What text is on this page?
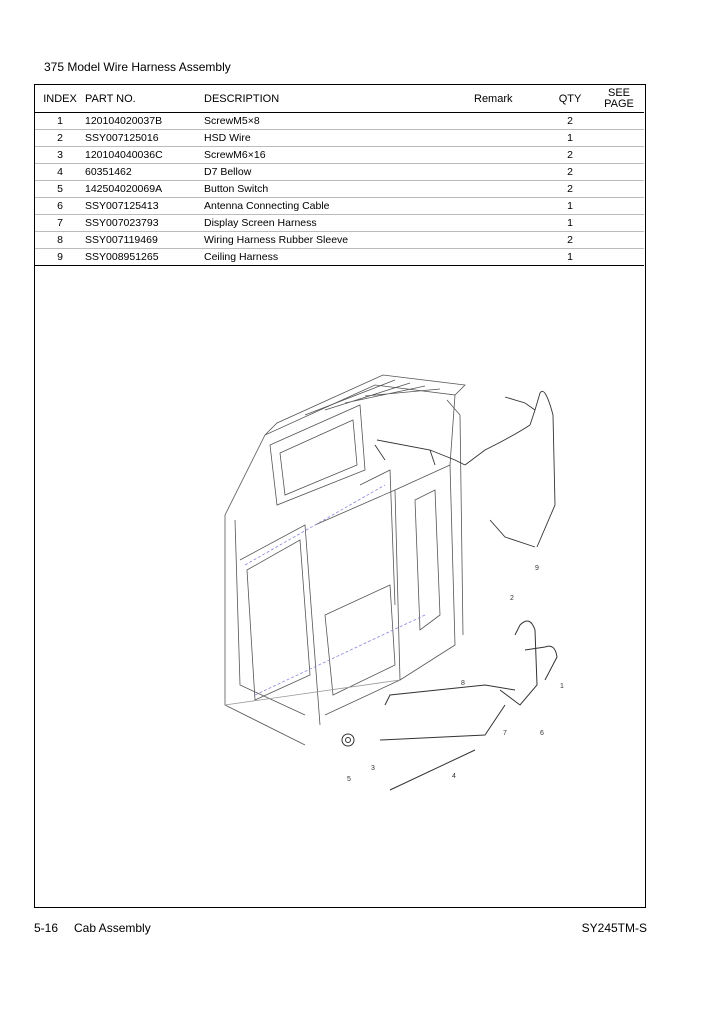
375 Model Wire Harness Assembly
INDEX	PART NO.	DESCRIPTION	Remark	QTY	SEE
PAGE
1	120104020037B	ScrewM5×8		2	
2	SSY007125016	HSD Wire		1	
3	120104040036C	ScrewM6×16		2	
4	60351462	D7 Bellow		2	
5	142504020069A	Button Switch		2	
6	SSY007125413	Antenna Connecting Cable		1	
7	SSY007023793	Display Screen Harness		1	
8	SSY007119469	Wiring Harness Rubber Sleeve		2	
9	SSY008951265	Ceiling Harness		1	
9
2
1
8
7	6
3
4
5
5-16 Cab Assembly	SY245TM-S
